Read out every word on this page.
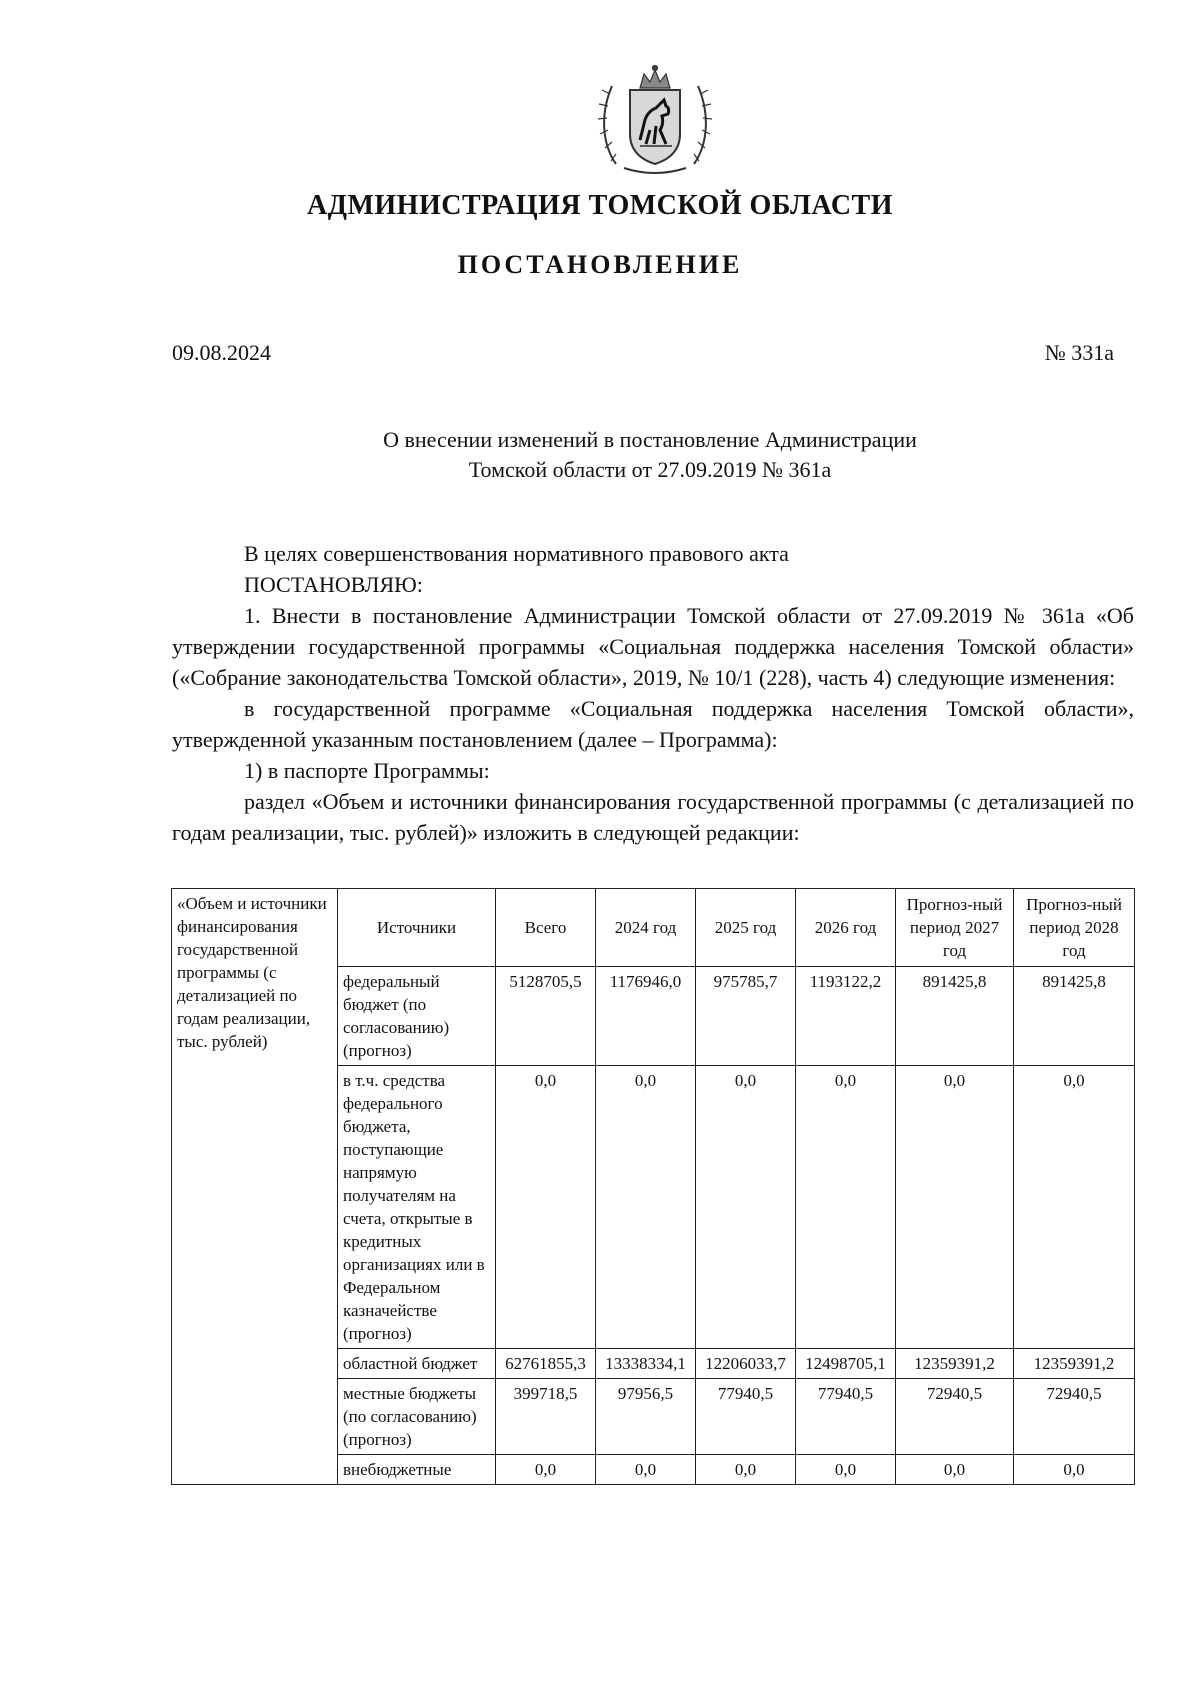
АДМИНИСТРАЦИЯ ТОМСКОЙ ОБЛАСТИ
ПОСТАНОВЛЕНИЕ
09.08.2024	№ 331а
О внесении изменений в постановление Администрации
Томской области от 27.09.2019 № 361а

В целях совершенствования нормативного правового акта

ПОСТАНОВЛЯЮ:

1. Внести в постановление Администрации Томской области от 27.09.2019 № 361а «Об утверждении государственной программы «Социальная поддержка населения Томской области» («Собрание законодательства Томской области», 2019, № 10/1 (228), часть 4) следующие изменения:

в государственной программе «Социальная поддержка населения Томской области», утвержденной указанным постановлением (далее – Программа):

1) в паспорте Программы:

раздел «Объем и источники финансирования государственной программы (с детализацией по годам реализации, тыс. рублей)» изложить в следующей редакции:

«Объем и источники финансирования государственной программы (с детализацией по годам реализации, тыс. рублей)	Источники	Всего	2024 год	2025 год	2026 год	Прогноз-ный период 2027 год	Прогноз-ный период 2028 год
	федеральный бюджет (по согласованию) (прогноз)	5128705,5	1176946,0	975785,7	1193122,2	891425,8	891425,8
	в т.ч. средства федерального бюджета, поступающие напрямую получателям на счета, открытые в кредитных организациях или в Федеральном казначействе (прогноз)	0,0	0,0	0,0	0,0	0,0	0,0
	областной бюджет	62761855,3	13338334,1	12206033,7	12498705,1	12359391,2	12359391,2
	местные бюджеты (по согласованию) (прогноз)	399718,5	97956,5	77940,5	77940,5	72940,5	72940,5
	внебюджетные	0,0	0,0	0,0	0,0	0,0	0,0
